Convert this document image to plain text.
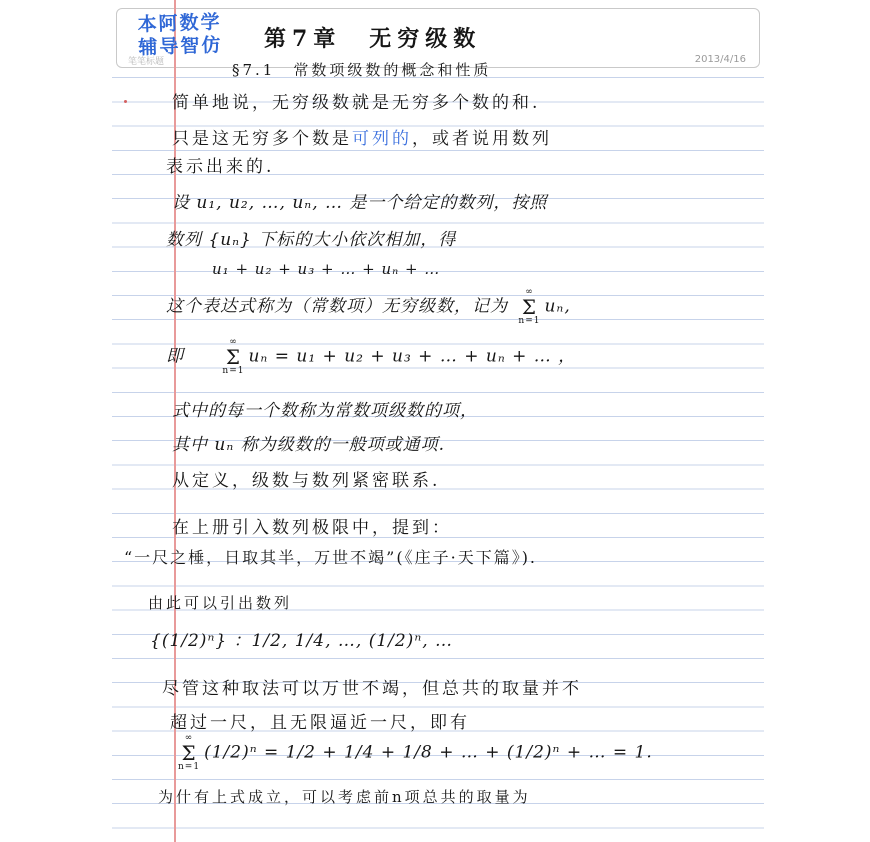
本阿数学
辅导智仿	第7章　无穷级数
笔笔标题	2013/4/16
§7.1　常数项级数的概念和性质
简单地说，无穷级数就是无穷多个数的和.
只是这无穷多个数是可列的，或者说用数列
表示出来的.
设 u₁, u₂, …, uₙ, … 是一个给定的数列，按照
数列 {uₙ} 下标的大小依次相加，得
u₁ + u₂ + u₃ + … + uₙ + …
这个表达式称为（常数项）无穷级数，记为
∞
Σ
n=1
uₙ,
即
∞
Σ
n=1
uₙ = u₁ + u₂ + u₃ + … + uₙ + … ，
式中的每一个数称为常数项级数的项，
其中 uₙ 称为级数的一般项或通项.
从定义，级数与数列紧密联系.
在上册引入数列极限中，提到：
“一尺之棰，日取其半，万世不竭”(《庄子·天下篇》).
由此可以引出数列
{(1/2)ⁿ} ：1/2, 1/4, …, (1/2)ⁿ, …
尽管这种取法可以万世不竭，但总共的取量并不
超过一尺，且无限逼近一尺，即有
∞
Σ
n=1
(1/2)ⁿ = 1/2 + 1/4 + 1/8 + … + (1/2)ⁿ + … = 1.
为什有上式成立，可以考虑前n项总共的取量为
